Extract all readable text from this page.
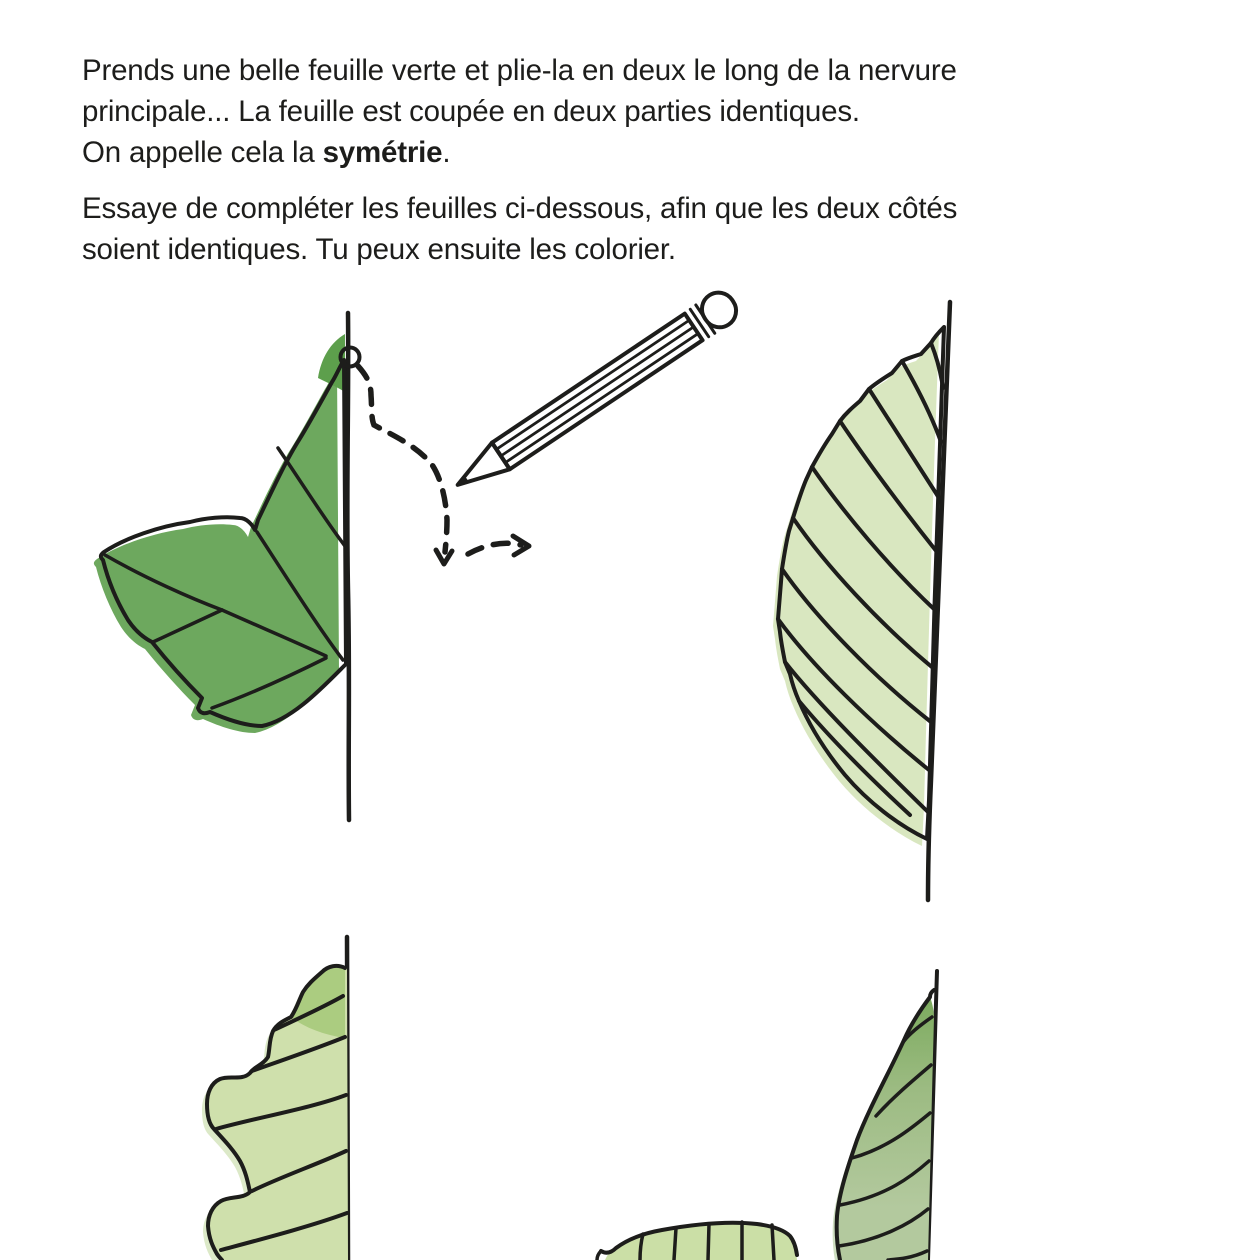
Prends une belle feuille verte et plie-la en deux le long de la nervure
principale... La feuille est coupée en deux parties identiques.
On appelle cela la symétrie.
Essaye de compléter les feuilles ci-dessous, afin que les deux côtés
soient identiques. Tu peux ensuite les colorier.
